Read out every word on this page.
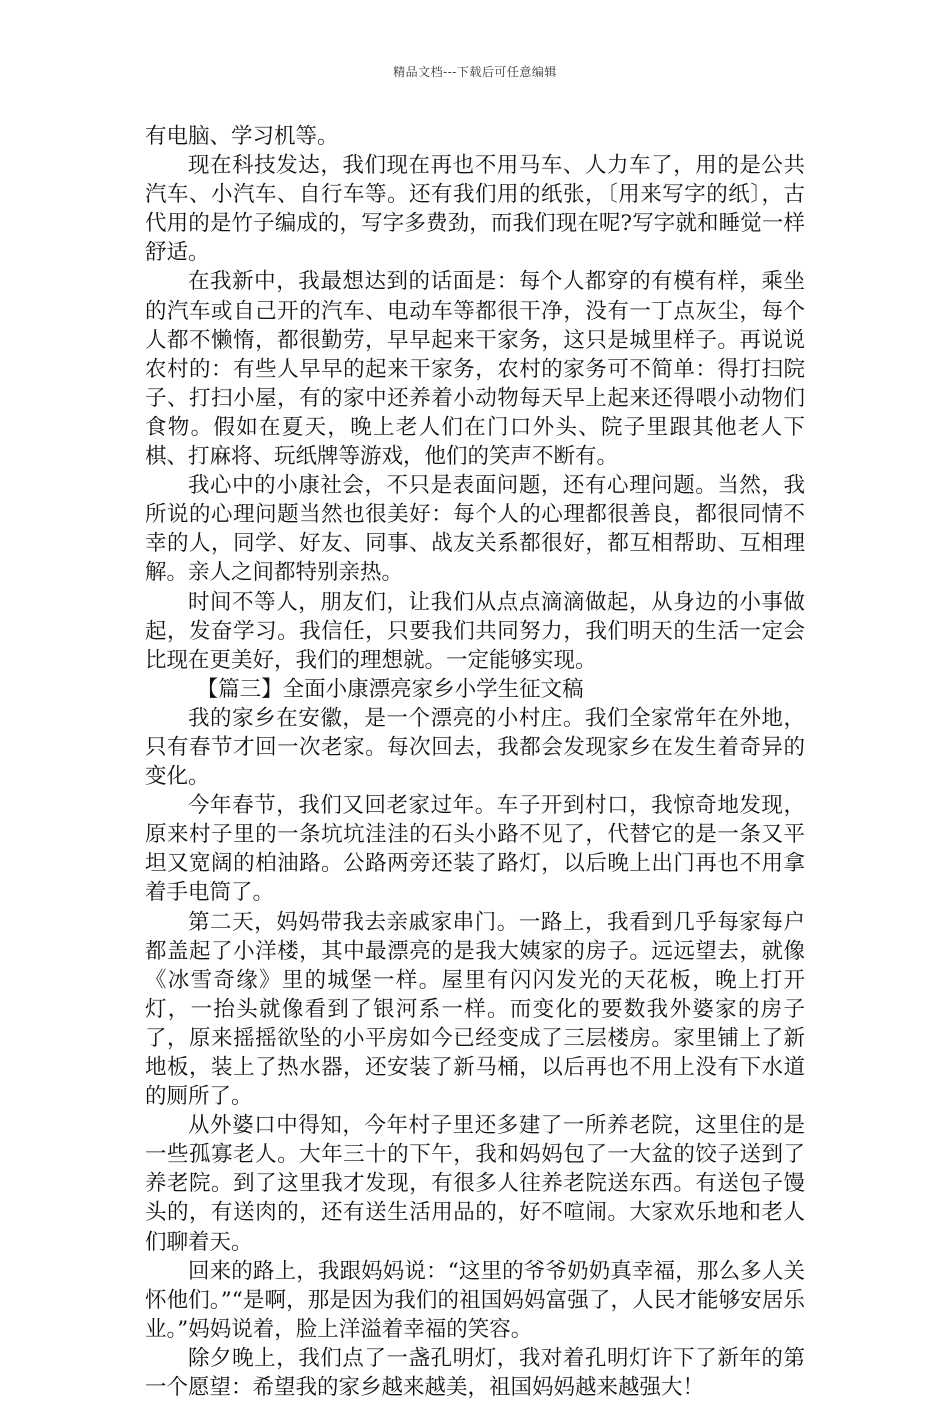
精品文档---下载后可任意编辑

有电脑、学习机等。

现在科技发达，我们现在再也不用马车、人力车了，用的是公共汽车、小汽车、自行车等。还有我们用的纸张，〔用来写字的纸〕，古代用的是竹子编成的，写字多费劲，而我们现在呢?写字就和睡觉一样舒适。

在我新中，我最想达到的话面是：每个人都穿的有模有样，乘坐的汽车或自己开的汽车、电动车等都很干净，没有一丁点灰尘，每个人都不懒惰，都很勤劳，早早起来干家务，这只是城里样子。再说说农村的：有些人早早的起来干家务，农村的家务可不简单：得打扫院子、打扫小屋，有的家中还养着小动物每天早上起来还得喂小动物们食物。假如在夏天，晚上老人们在门口外头、院子里跟其他老人下棋、打麻将、玩纸牌等游戏，他们的笑声不断有。

我心中的小康社会，不只是表面问题，还有心理问题。当然，我所说的心理问题当然也很美好：每个人的心理都很善良，都很同情不幸的人，同学、好友、同事、战友关系都很好，都互相帮助、互相理解。亲人之间都特别亲热。

时间不等人，朋友们，让我们从点点滴滴做起，从身边的小事做起，发奋学习。我信任，只要我们共同努力，我们明天的生活一定会比现在更美好，我们的理想就。一定能够实现。

【篇三】全面小康漂亮家乡小学生征文稿

我的家乡在安徽，是一个漂亮的小村庄。我们全家常年在外地，只有春节才回一次老家。每次回去，我都会发现家乡在发生着奇异的变化。

今年春节，我们又回老家过年。车子开到村口，我惊奇地发现，原来村子里的一条坑坑洼洼的石头小路不见了，代替它的是一条又平坦又宽阔的柏油路。公路两旁还装了路灯，以后晚上出门再也不用拿着手电筒了。

第二天，妈妈带我去亲戚家串门。一路上，我看到几乎每家每户都盖起了小洋楼，其中最漂亮的是我大姨家的房子。远远望去，就像《冰雪奇缘》里的城堡一样。屋里有闪闪发光的天花板，晚上打开灯，一抬头就像看到了银河系一样。而变化的要数我外婆家的房子了，原来摇摇欲坠的小平房如今已经变成了三层楼房。家里铺上了新地板，装上了热水器，还安装了新马桶，以后再也不用上没有下水道的厕所了。

从外婆口中得知，今年村子里还多建了一所养老院，这里住的是一些孤寡老人。大年三十的下午，我和妈妈包了一大盆的饺子送到了养老院。到了这里我才发现，有很多人往养老院送东西。有送包子馒头的，有送肉的，还有送生活用品的，好不喧闹。大家欢乐地和老人们聊着天。

回来的路上，我跟妈妈说：“这里的爷爷奶奶真幸福，那么多人关怀他们。”“是啊，那是因为我们的祖国妈妈富强了，人民才能够安居乐业。”妈妈说着，脸上洋溢着幸福的笑容。

除夕晚上，我们点了一盏孔明灯，我对着孔明灯许下了新年的第一个愿望：希望我的家乡越来越美，祖国妈妈越来越强大！
